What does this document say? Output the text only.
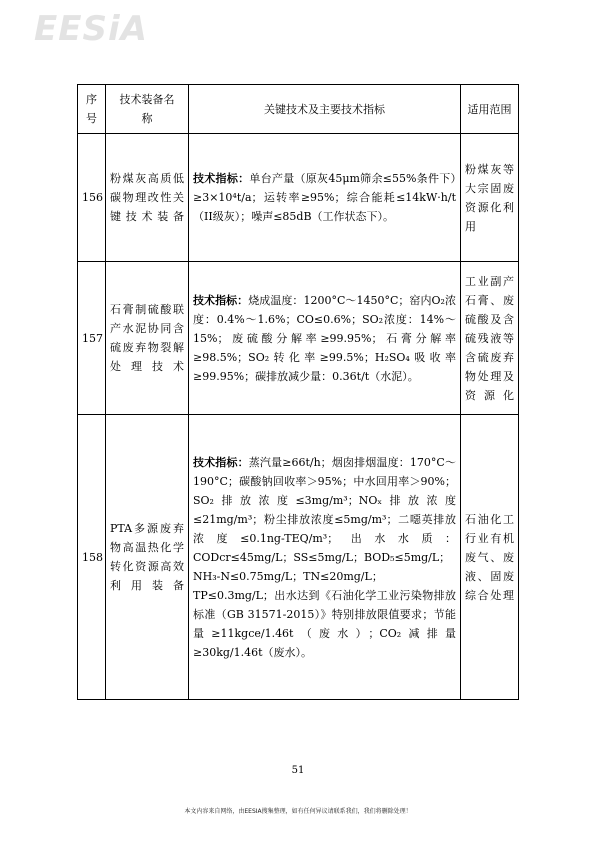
EESiA
序号	技术装备名称	关键技术及主要技术指标	适用范围
156	粉煤灰高质低碳物理改性关键技术装备	技术指标：单台产量（原灰45μm筛余≤55%条件下）≥3×10⁴t/a；运转率≥95%；综合能耗≤14kW·h/t（II级灰）；噪声≤85dB（工作状态下）。	粉煤灰等大宗固废资源化利用
157	石膏制硫酸联产水泥协同含硫废弃物裂解处理技术	技术指标：烧成温度：1200°C～1450°C；窑内O₂浓度：0.4%～1.6%；CO≤0.6%；SO₂浓度：14%～15%；废硫酸分解率≥99.95%；石膏分解率≥98.5%；SO₂转化率≥99.5%；H₂SO₄吸收率≥99.95%；碳排放减少量：0.36t/t（水泥）。	工业副产石膏、废硫酸及含硫残液等含硫废弃物处理及资源化
158	PTA多源废弃物高温热化学转化资源高效利用装备	技术指标：蒸汽量≥66t/h；烟囱排烟温度：170°C～190°C；碳酸钠回收率＞95%；中水回用率＞90%；SO₂排放浓度≤3mg/m³；NOₓ排放浓度≤21mg/m³；粉尘排放浓度≤5mg/m³；二噁英排放浓度≤0.1ng-TEQ/m³；出水水质：CODcr≤45mg/L；SS≤5mg/L；BOD₅≤5mg/L；NH₃-N≤0.75mg/L；TN≤20mg/L；TP≤0.3mg/L；出水达到《石油化学工业污染物排放标准（GB 31571-2015）》特别排放限值要求；节能量≥11kgce/1.46t（废水）；CO₂减排量≥30kg/1.46t（废水）。	石油化工行业有机废气、废液、固废综合处理
51
本文内容来自网络，由EESIA搜集整理，如有任何异议请联系我们，我们将删除处理！
